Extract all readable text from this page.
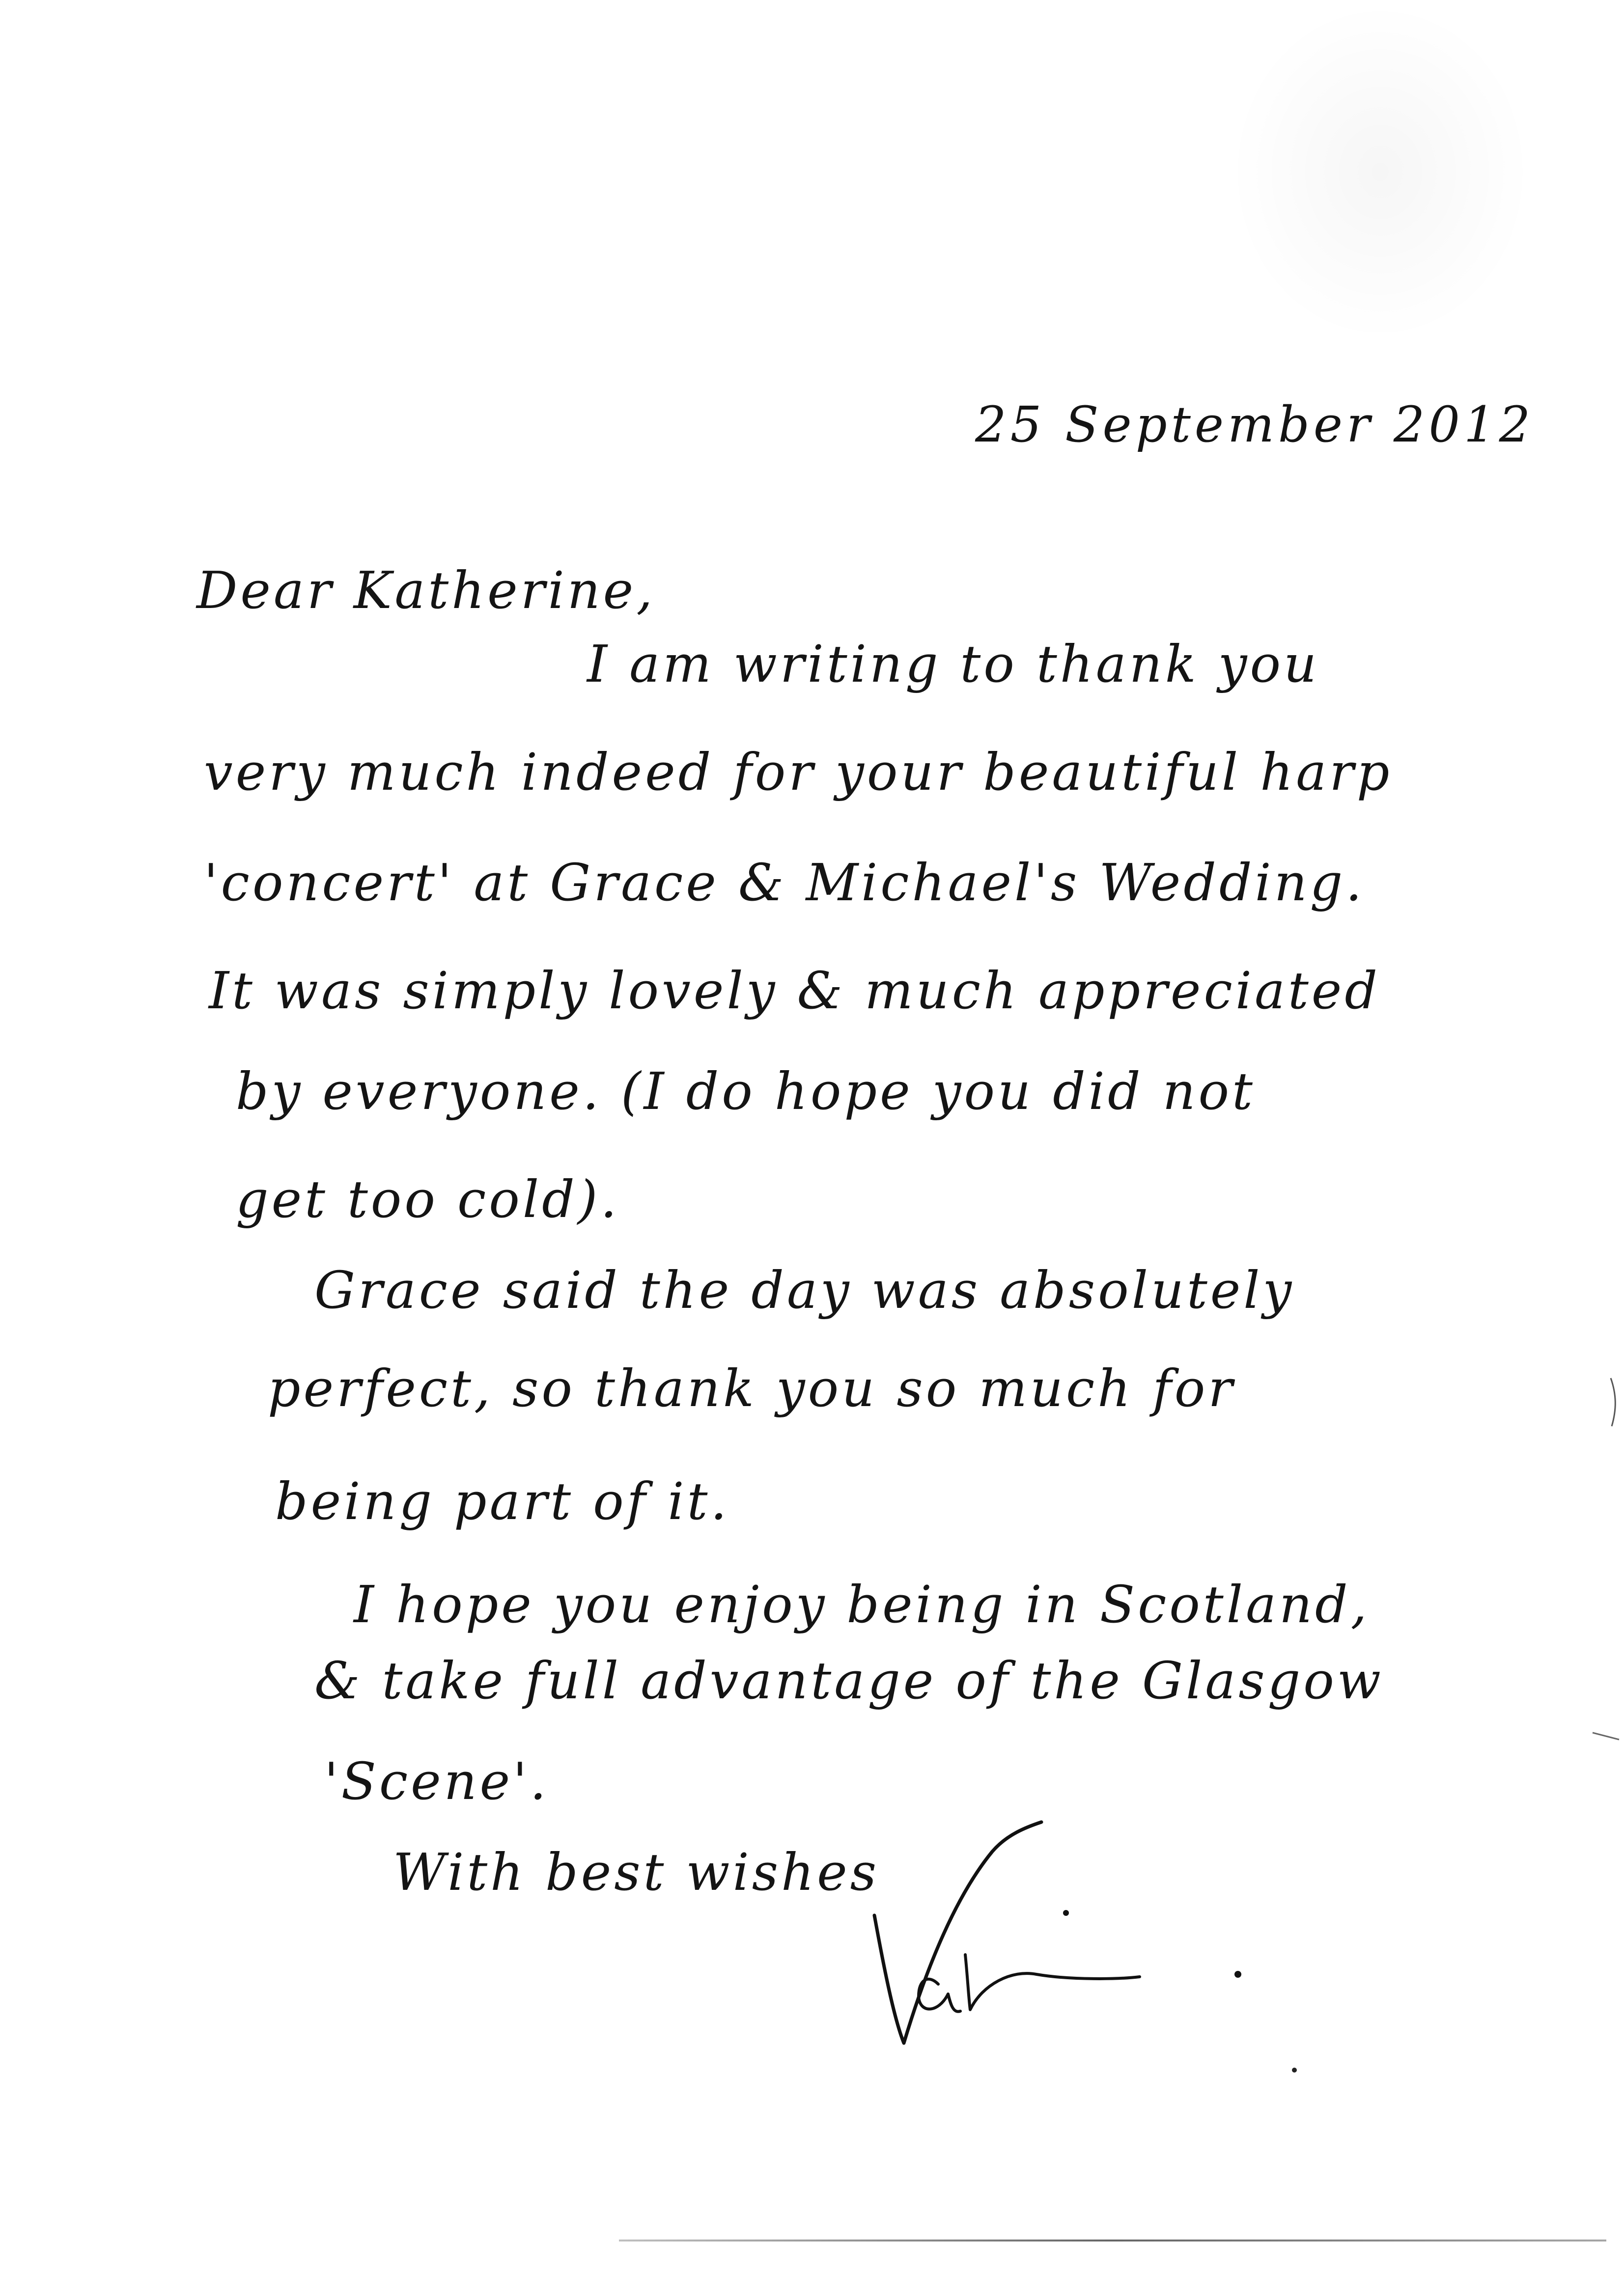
25 September 2012
Dear Katherine,
I am writing to thank you
very much indeed for your beautiful harp
'concert' at Grace & Michael's Wedding.
It was simply lovely & much appreciated
by everyone. (I do hope you did not
get too cold).
Grace said the day was absolutely
perfect, so thank you so much for
being part of it.
I hope you enjoy being in Scotland,
& take full advantage of the Glasgow
'Scene'.
With best wishes
